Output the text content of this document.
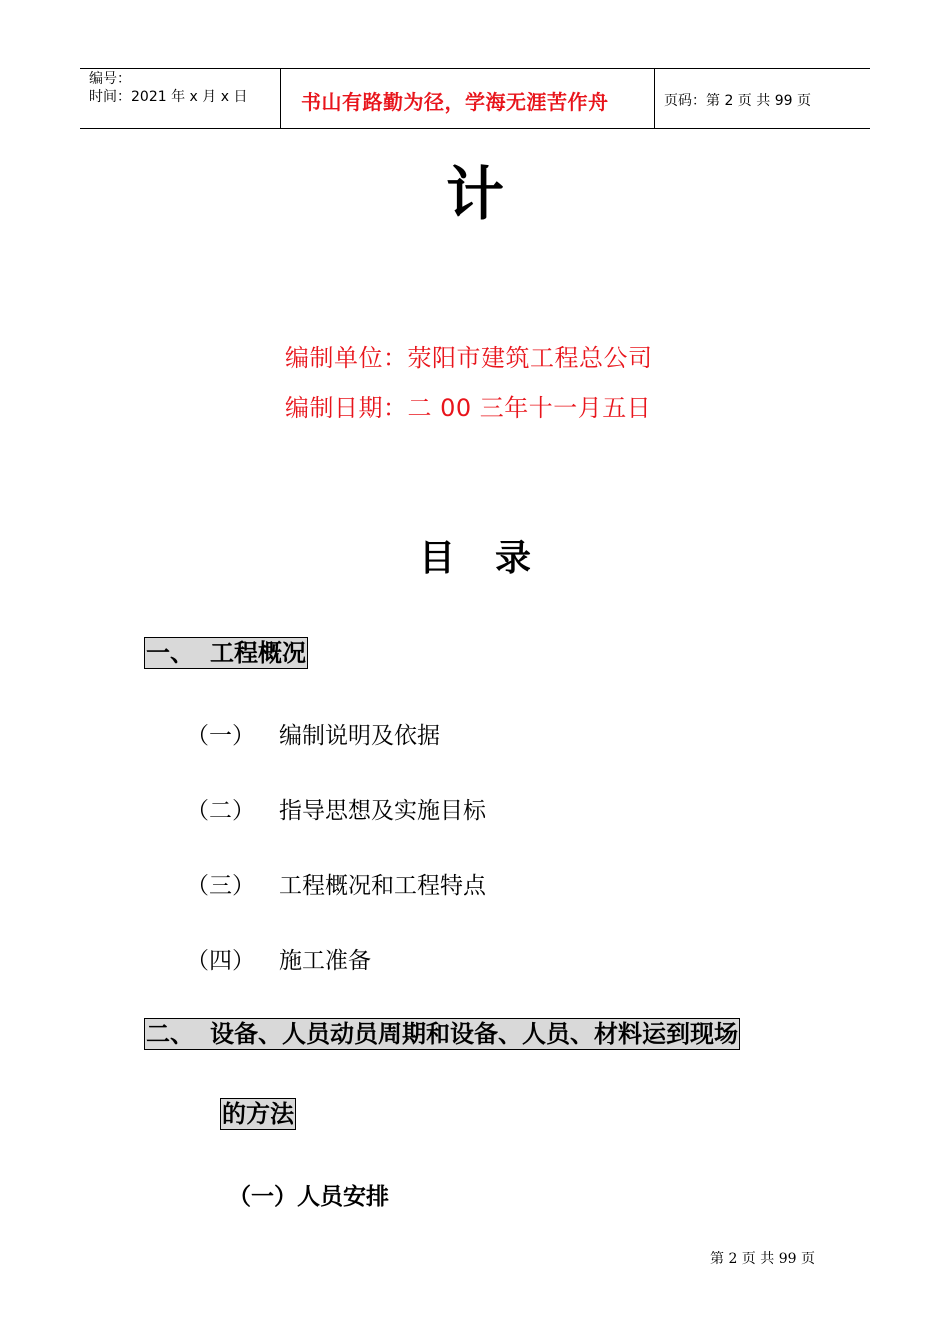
编号：
时间：2021 年 x 月 x 日	书山有路勤为径，学海无涯苦作舟	页码：第 2 页 共 99 页
计
编制单位：荥阳市建筑工程总公司
编制日期：二 00 三年十一月五日
目录
一、 工程概况
（一） 编制说明及依据
（二） 指导思想及实施目标
（三） 工程概况和工程特点
（四） 施工准备
二、 设备、人员动员周期和设备、人员、材料运到现场
的方法
（一）人员安排
第 2 页 共 99 页
